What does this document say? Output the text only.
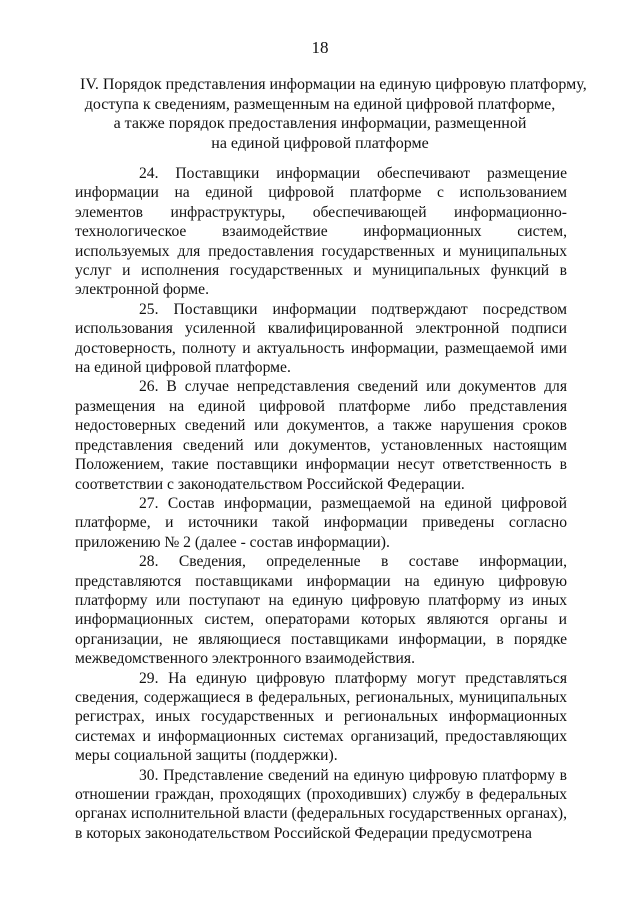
18
IV. Порядок представления информации на единую цифровую платформу,
доступа к сведениям, размещенным на единой цифровой платформе,
а также порядок предоставления информации, размещенной
на единой цифровой платформе

24. Поставщики информации обеспечивают размещение информации на единой цифровой платформе с использованием элементов инфраструктуры, обеспечивающей информационно-технологическое взаимодействие информационных систем, используемых для предоставления государственных и муниципальных услуг и исполнения государственных и муниципальных функций в электронной форме.

25. Поставщики информации подтверждают посредством использования усиленной квалифицированной электронной подписи достоверность, полноту и актуальность информации, размещаемой ими на единой цифровой платформе.

26. В случае непредставления сведений или документов для размещения на единой цифровой платформе либо представления недостоверных сведений или документов, а также нарушения сроков представления сведений или документов, установленных настоящим Положением, такие поставщики информации несут ответственность в соответствии с законодательством Российской Федерации.

27. Состав информации, размещаемой на единой цифровой платформе, и источники такой информации приведены согласно приложению № 2 (далее - состав информации).

28. Сведения, определенные в составе информации, представляются поставщиками информации на единую цифровую платформу или поступают на единую цифровую платформу из иных информационных систем, операторами которых являются органы и организации, не являющиеся поставщиками информации, в порядке межведомственного электронного взаимодействия.

29. На единую цифровую платформу могут представляться сведения, содержащиеся в федеральных, региональных, муниципальных регистрах, иных государственных и региональных информационных системах и информационных системах организаций, предоставляющих меры социальной защиты (поддержки).

30. Представление сведений на единую цифровую платформу в отношении граждан, проходящих (проходивших) службу в федеральных органах исполнительной власти (федеральных государственных органах), в которых законодательством Российской Федерации предусмотрена
